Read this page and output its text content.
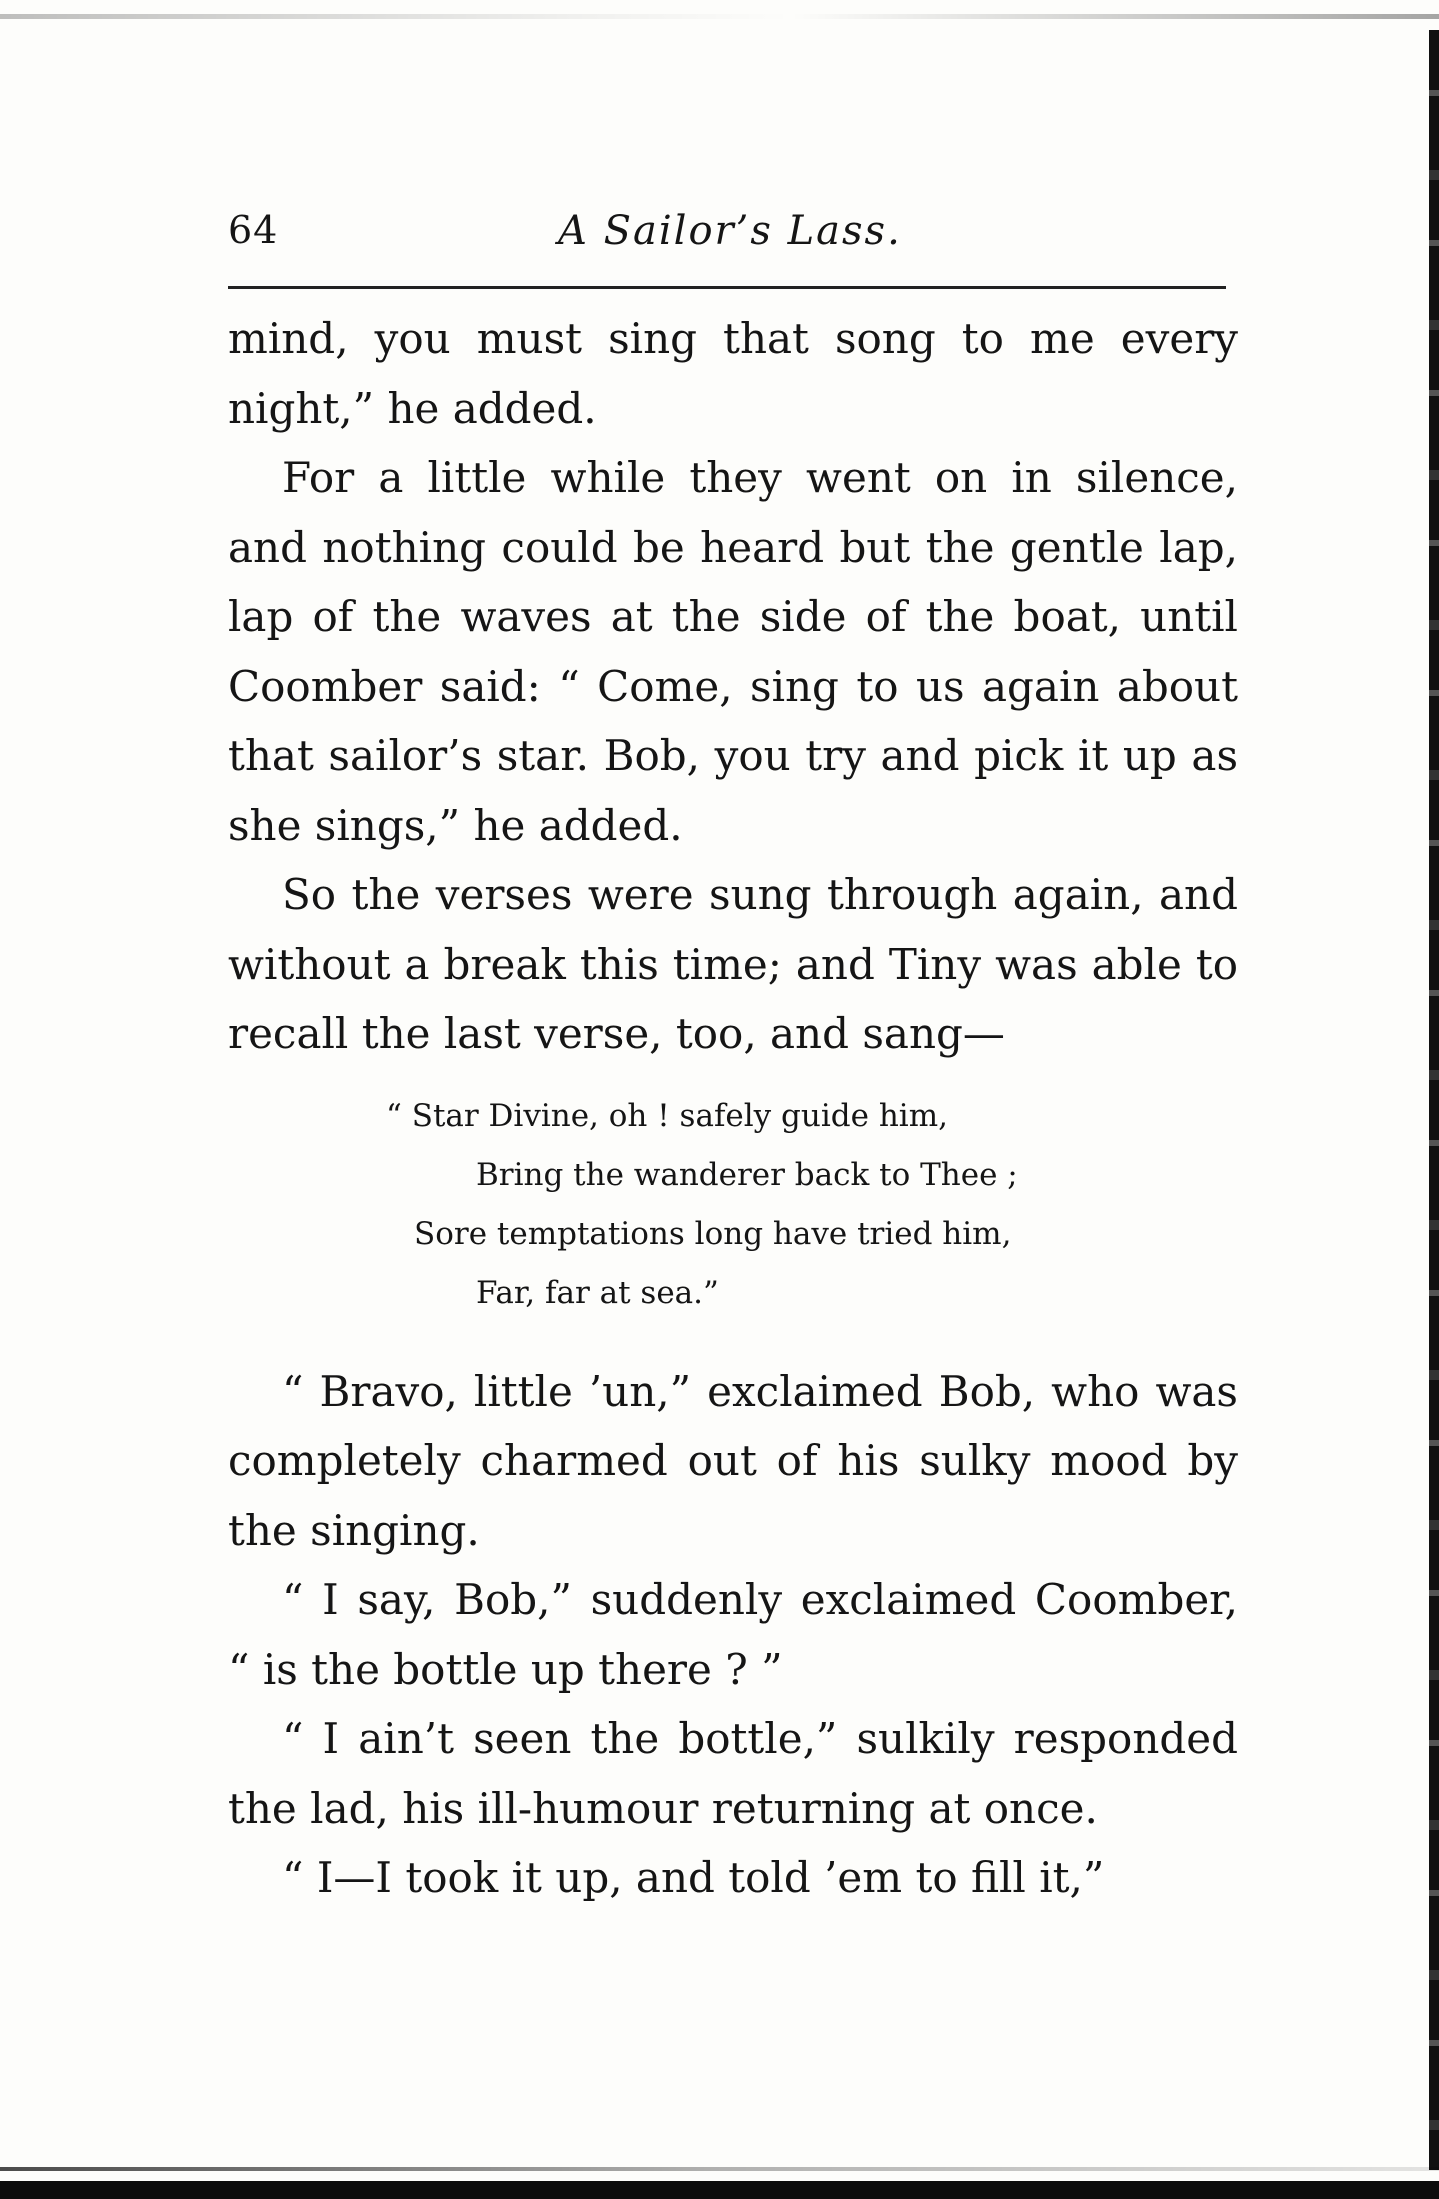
64	A Sailor’s Lass.

mind, you must sing that song to me every night,” he added.

For a little while they went on in silence, and nothing could be heard but the gentle lap, lap of the waves at the side of the boat, until Coomber said: “ Come, sing to us again about that sailor’s star. Bob, you try and pick it up as she sings,” he added.

So the verses were sung through again, and without a break this time; and Tiny was able to recall the last verse, too, and sang—

“ Star Divine, oh ! safely guide him,
Bring the wanderer back to Thee ;
Sore temptations long have tried him,
Far, far at sea.”

“ Bravo, little ’un,” exclaimed Bob, who was completely charmed out of his sulky mood by the singing.

“ I say, Bob,” suddenly exclaimed Coomber, “ is the bottle up there ? ”

“ I ain’t seen the bottle,” sulkily responded the lad, his ill-humour returning at once.

“ I—I took it up, and told ’em to fill it,”
